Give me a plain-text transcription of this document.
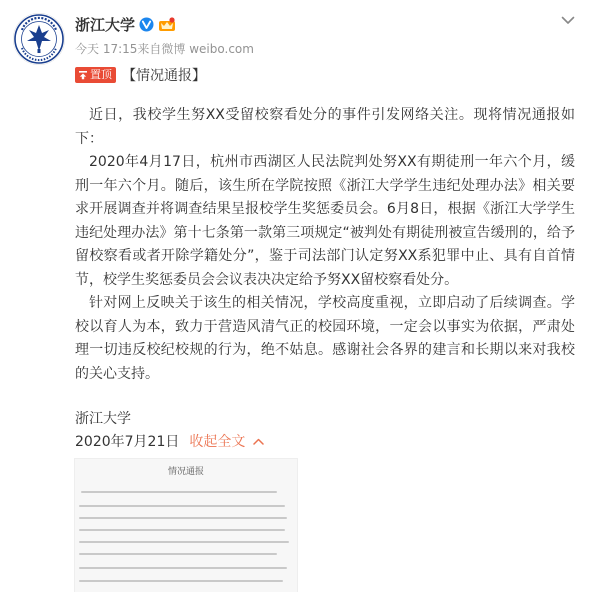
浙江大学
今天 17:15来自微博 weibo.com
置顶 【情况通报】

近日，我校学生努XX受留校察看处分的事件引发网络关注。现将情况通报如下：

2020年4月17日，杭州市西湖区人民法院判处努XX有期徒刑一年六个月，缓刑一年六个月。随后，该生所在学院按照《浙江大学学生违纪处理办法》相关要求开展调查并将调查结果呈报校学生奖惩委员会。6月8日，根据《浙江大学学生违纪处理办法》第十七条第一款第三项规定“被判处有期徒刑被宣告缓刑的，给予留校察看或者开除学籍处分”，鉴于司法部门认定努XX系犯罪中止、具有自首情节，校学生奖惩委员会会议表决决定给予努XX留校察看处分。

针对网上反映关于该生的相关情况，学校高度重视，立即启动了后续调查。学校以育人为本，致力于营造风清气正的校园环境，一定会以事实为依据，严肃处理一切违反校纪校规的行为，绝不姑息。感谢社会各界的建言和长期以来对我校的关心支持。

浙江大学
2020年7月21日 收起全文
情况通报
